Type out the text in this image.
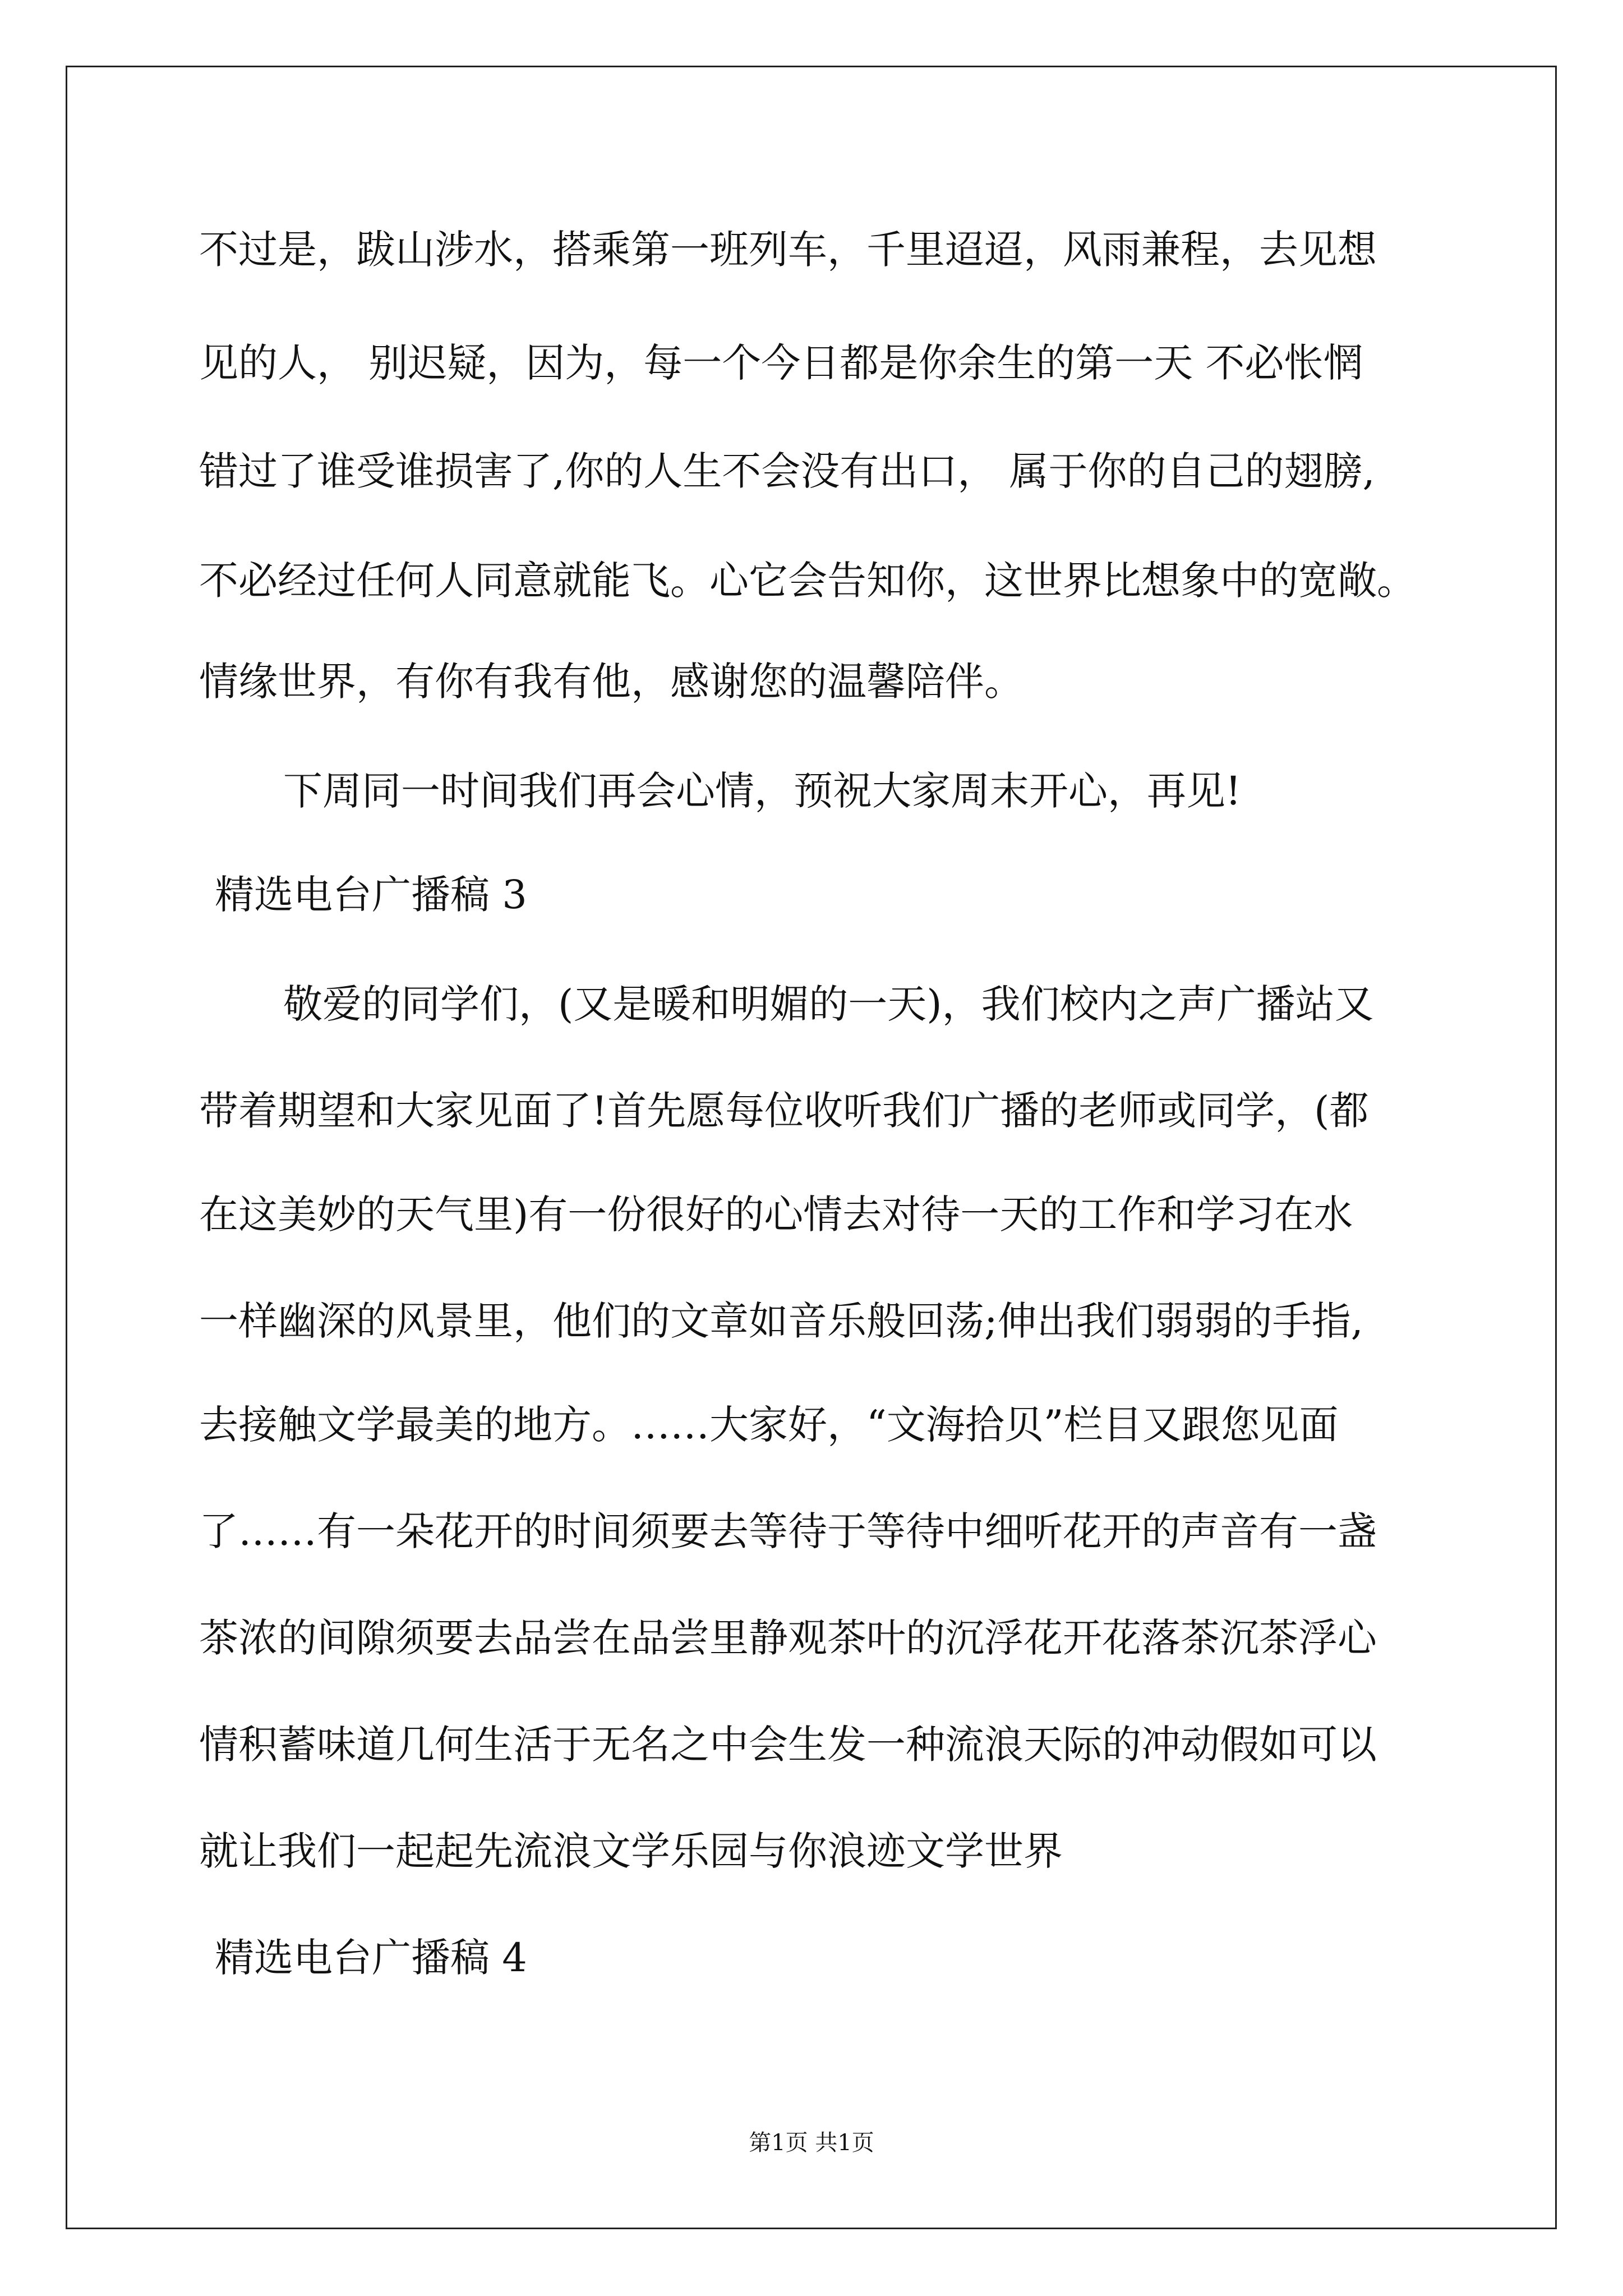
不过是，跋山涉水，搭乘第一班列车，千里迢迢，风雨兼程，去见想
见的人， 别迟疑，因为，每一个今日都是你余生的第一天 不必怅惘
错过了谁受谁损害了,你的人生不会没有出口， 属于你的自己的翅膀,
不必经过任何人同意就能飞。心它会告知你，这世界比想象中的宽敞。
情缘世界，有你有我有他，感谢您的温馨陪伴。
下周同一时间我们再会心情，预祝大家周末开心，再见!
精选电台广播稿 3
敬爱的同学们，(又是暖和明媚的一天)，我们校内之声广播站又
带着期望和大家见面了!首先愿每位收听我们广播的老师或同学，(都
在这美妙的天气里)有一份很好的心情去对待一天的工作和学习在水
一样幽深的风景里，他们的文章如音乐般回荡;伸出我们弱弱的手指,
去接触文学最美的地方。……大家好，“文海拾贝”栏目又跟您见面
了……有一朵花开的时间须要去等待于等待中细听花开的声音有一盏
茶浓的间隙须要去品尝在品尝里静观茶叶的沉浮花开花落茶沉茶浮心
情积蓄味道几何生活于无名之中会生发一种流浪天际的冲动假如可以
就让我们一起起先流浪文学乐园与你浪迹文学世界
精选电台广播稿 4
第1页 共1页
